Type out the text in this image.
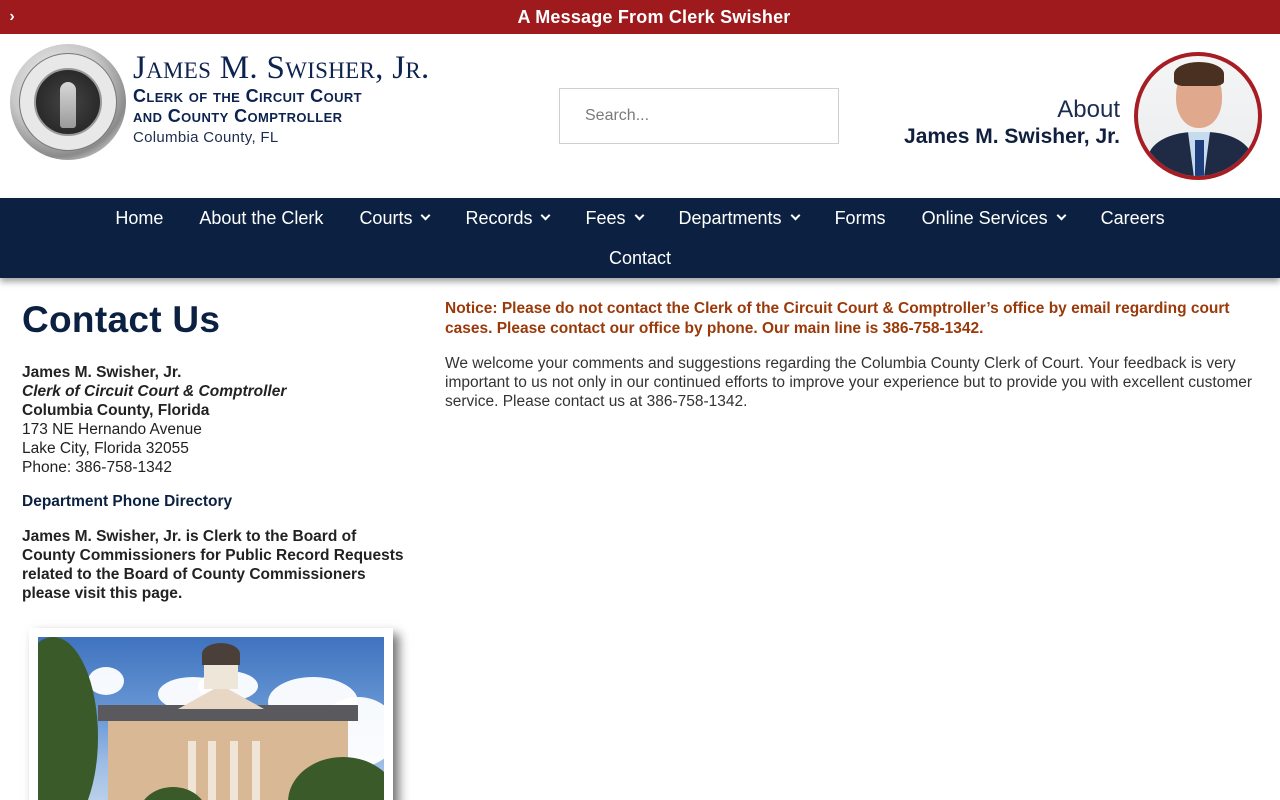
›	A Message From Clerk Swisher
James M. Swisher, Jr.
Clerk of the Circuit Court
and County Comptroller
Columbia County, FL
Search...
About
James M. Swisher, Jr.
Home About the Clerk Courts	Records	Fees	Departments	Forms Online Services	Careers
Contact
Contact Us
James M. Swisher, Jr.
Clerk of Circuit Court & Comptroller
Columbia County, Florida
173 NE Hernando Avenue
Lake City, Florida 32055
Phone: 386-758-1342
Department Phone Directory
James M. Swisher, Jr. is Clerk to the Board of County Commissioners for Public Record Requests related to the Board of County Commissioners please visit this page.

Notice: Please do not contact the Clerk of the Circuit Court & Comptroller’s office by email regarding court cases. Please contact our office by phone. Our main line is 386-758-1342.

We welcome your comments and suggestions regarding the Columbia County Clerk of Court. Your feedback is very important to us not only in our continued efforts to improve your experience but to provide you with excellent customer service. Please contact us at 386-758-1342.
